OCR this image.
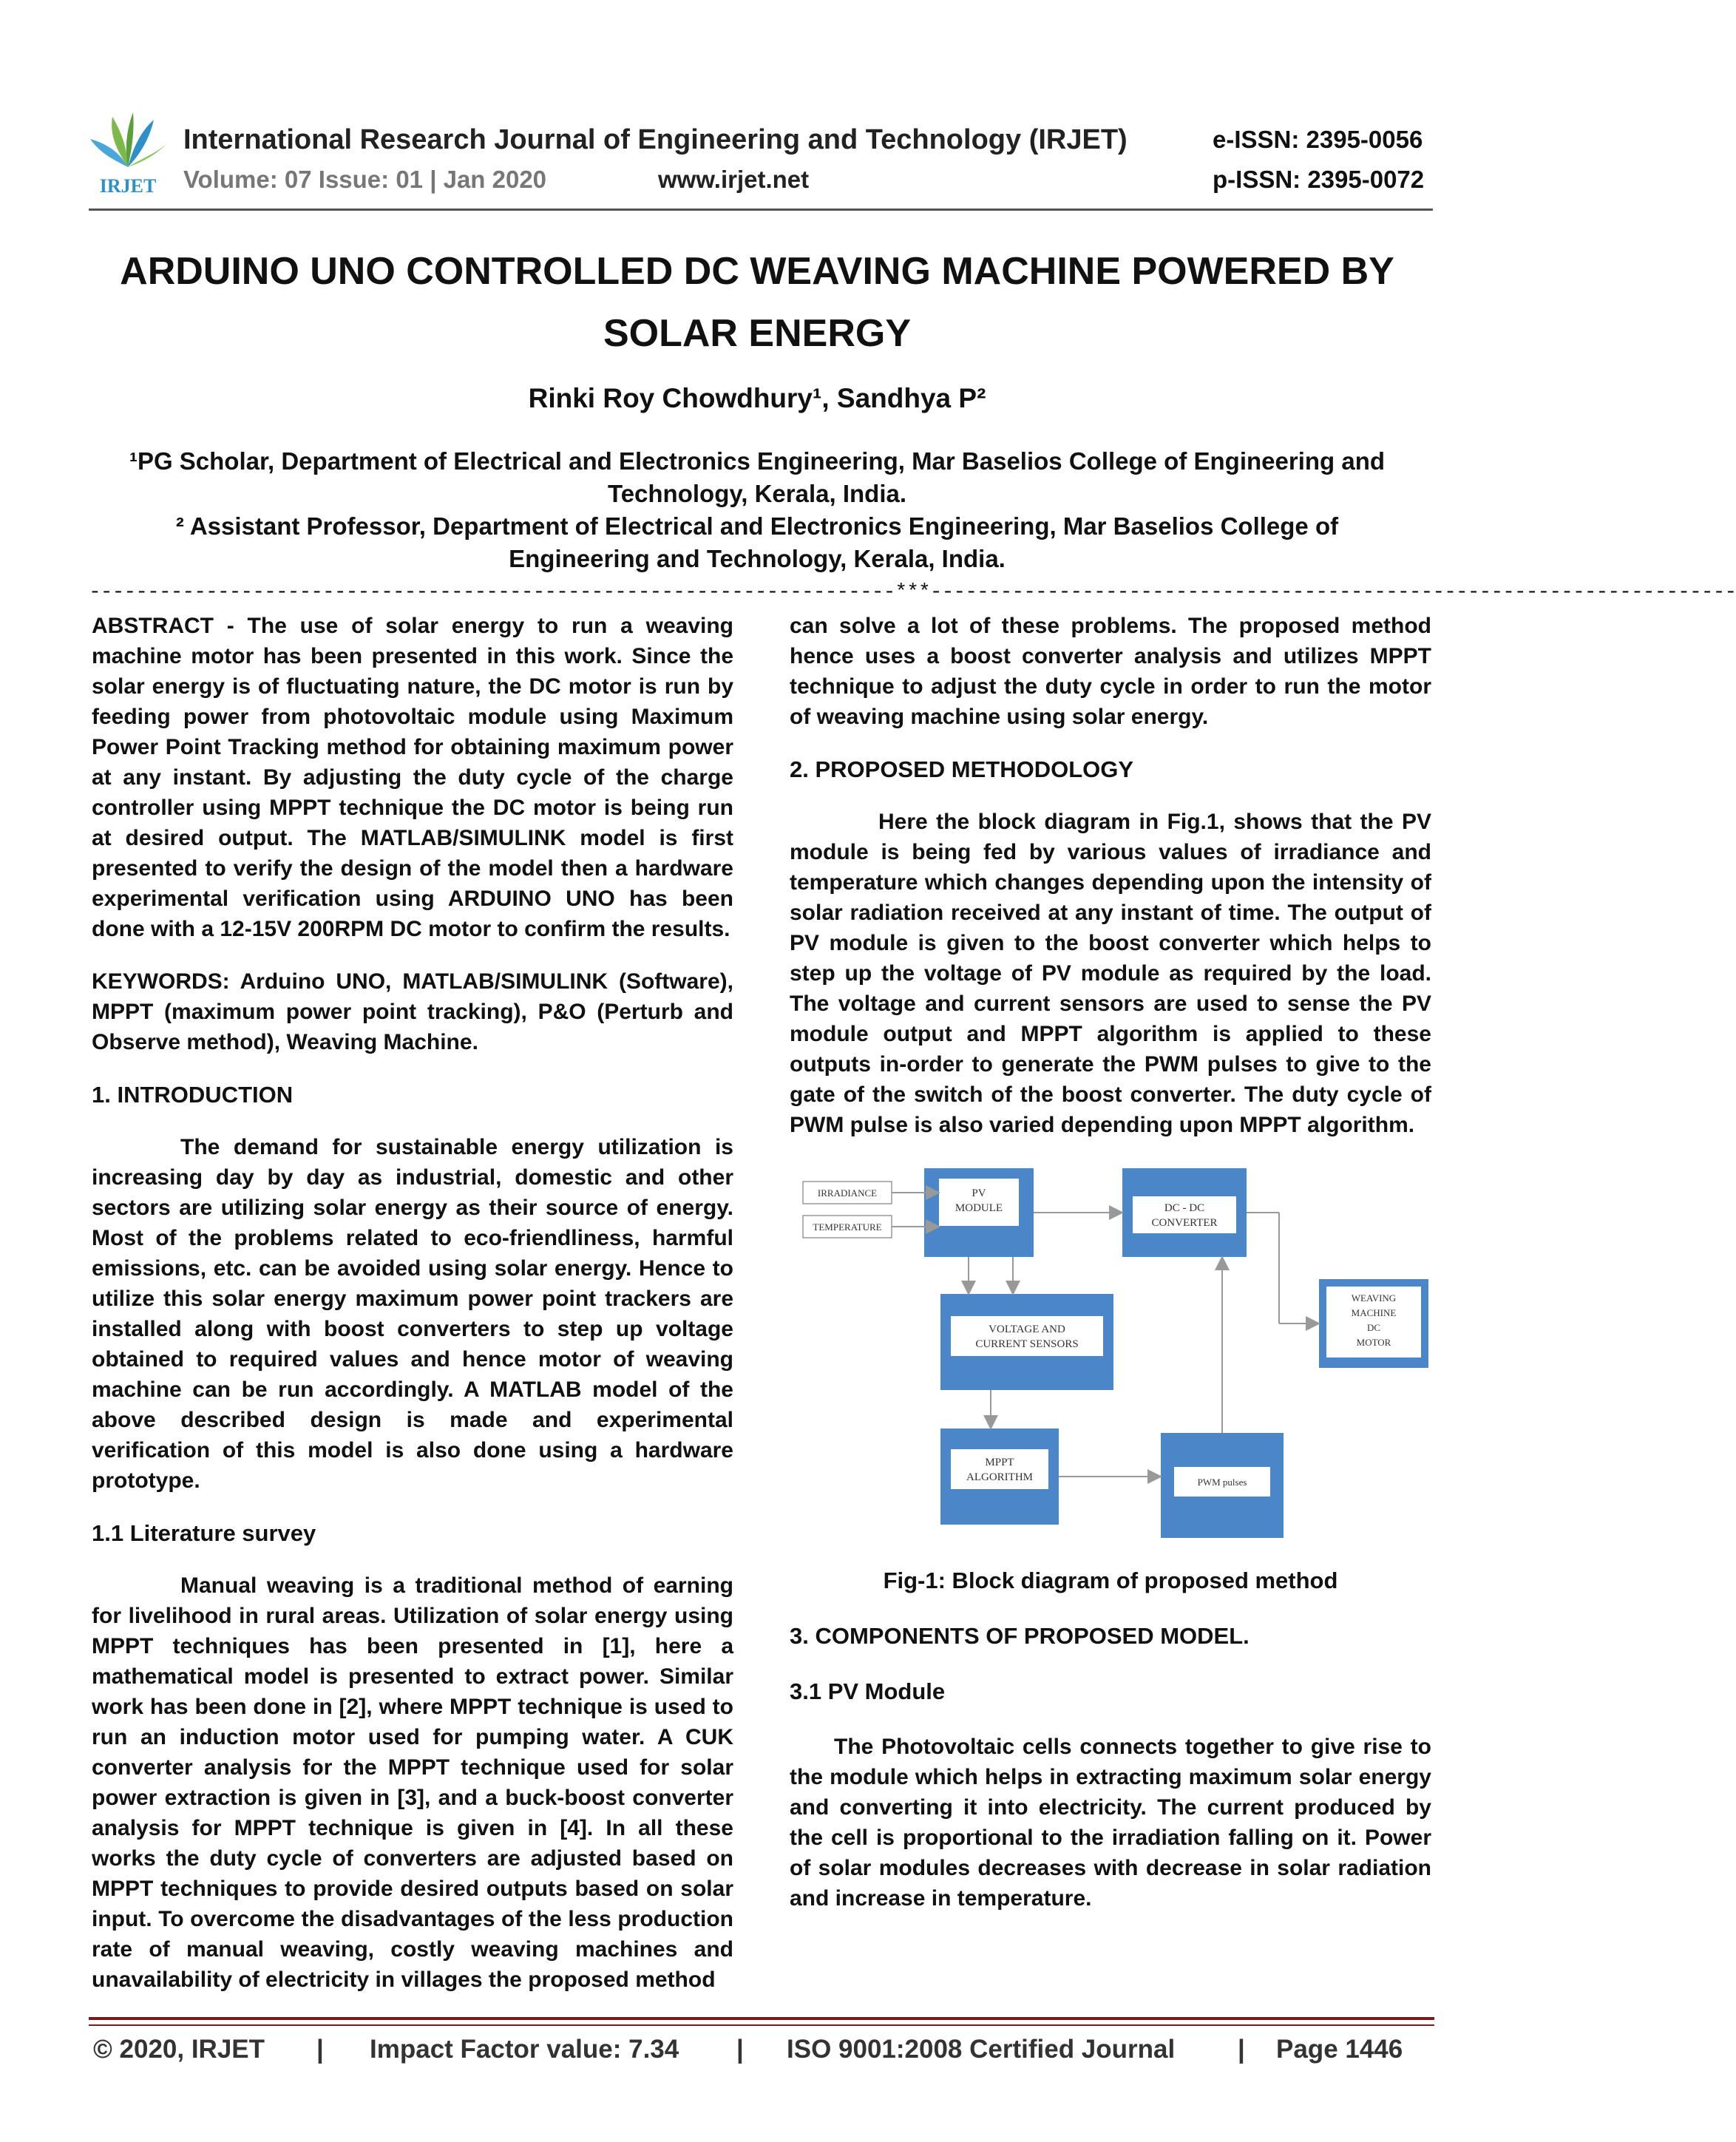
IRJET
International Research Journal of Engineering and Technology (IRJET)	e-ISSN: 2395-0056
Volume: 07 Issue: 01 | Jan 2020	www.irjet.net	p-ISSN: 2395-0072
ARDUINO UNO CONTROLLED DC WEAVING MACHINE POWERED BY
SOLAR ENERGY
Rinki Roy Chowdhury¹, Sandhya P²
¹PG Scholar, Department of Electrical and Electronics Engineering, Mar Baselios College of Engineering and Technology, Kerala, India.
² Assistant Professor, Department of Electrical and Electronics Engineering, Mar Baselios College of Engineering and Technology, Kerala, India.
---------------------------------------------------------------------***---------------------------------------------------------------------

ABSTRACT - The use of solar energy to run a weaving machine motor has been presented in this work. Since the solar energy is of fluctuating nature, the DC motor is run by feeding power from photovoltaic module using Maximum Power Point Tracking method for obtaining maximum power at any instant. By adjusting the duty cycle of the charge controller using MPPT technique the DC motor is being run at desired output. The MATLAB/SIMULINK model is first presented to verify the design of the model then a hardware experimental verification using ARDUINO UNO has been done with a 12-15V 200RPM DC motor to confirm the results.

KEYWORDS: Arduino UNO, MATLAB/SIMULINK (Software), MPPT (maximum power point tracking), P&O (Perturb and Observe method), Weaving Machine.

1. INTRODUCTION

The demand for sustainable energy utilization is increasing day by day as industrial, domestic and other sectors are utilizing solar energy as their source of energy. Most of the problems related to eco-friendliness, harmful emissions, etc. can be avoided using solar energy. Hence to utilize this solar energy maximum power point trackers are installed along with boost converters to step up voltage obtained to required values and hence motor of weaving machine can be run accordingly. A MATLAB model of the above described design is made and experimental verification of this model is also done using a hardware prototype.

1.1 Literature survey

Manual weaving is a traditional method of earning for livelihood in rural areas. Utilization of solar energy using MPPT techniques has been presented in [1], here a mathematical model is presented to extract power. Similar work has been done in [2], where MPPT technique is used to run an induction motor used for pumping water. A CUK converter analysis for the MPPT technique used for solar power extraction is given in [3], and a buck-boost converter analysis for MPPT technique is given in [4]. In all these works the duty cycle of converters are adjusted based on MPPT techniques to provide desired outputs based on solar input. To overcome the disadvantages of the less production rate of manual weaving, costly weaving machines and unavailability of electricity in villages the proposed method

can solve a lot of these problems. The proposed method hence uses a boost converter analysis and utilizes MPPT technique to adjust the duty cycle in order to run the motor of weaving machine using solar energy.

2. PROPOSED METHODOLOGY

Here the block diagram in Fig.1, shows that the PV module is being fed by various values of irradiance and temperature which changes depending upon the intensity of solar radiation received at any instant of time. The output of PV module is given to the boost converter which helps to step up the voltage of PV module as required by the load. The voltage and current sensors are used to sense the PV module output and MPPT algorithm is applied to these outputs in-order to generate the PWM pulses to give to the gate of the switch of the boost converter. The duty cycle of PWM pulse is also varied depending upon MPPT algorithm.

IRRADIANCE
TEMPERATURE
PV
MODULE	DC - DC
CONVERTER
VOLTAGE AND
CURRENT SENSORS
WEAVING
MACHINE
DC
MOTOR
MPPT
ALGORITHM	PWM pulses
Fig-1: Block diagram of proposed method

3. COMPONENTS OF PROPOSED MODEL.

3.1 PV Module

The Photovoltaic cells connects together to give rise to the module which helps in extracting maximum solar energy and converting it into electricity. The current produced by the cell is proportional to the irradiation falling on it. Power of solar modules decreases with decrease in solar radiation and increase in temperature.

© 2020, IRJET | Impact Factor value: 7.34 | ISO 9001:2008 Certified Journal | Page 1446
